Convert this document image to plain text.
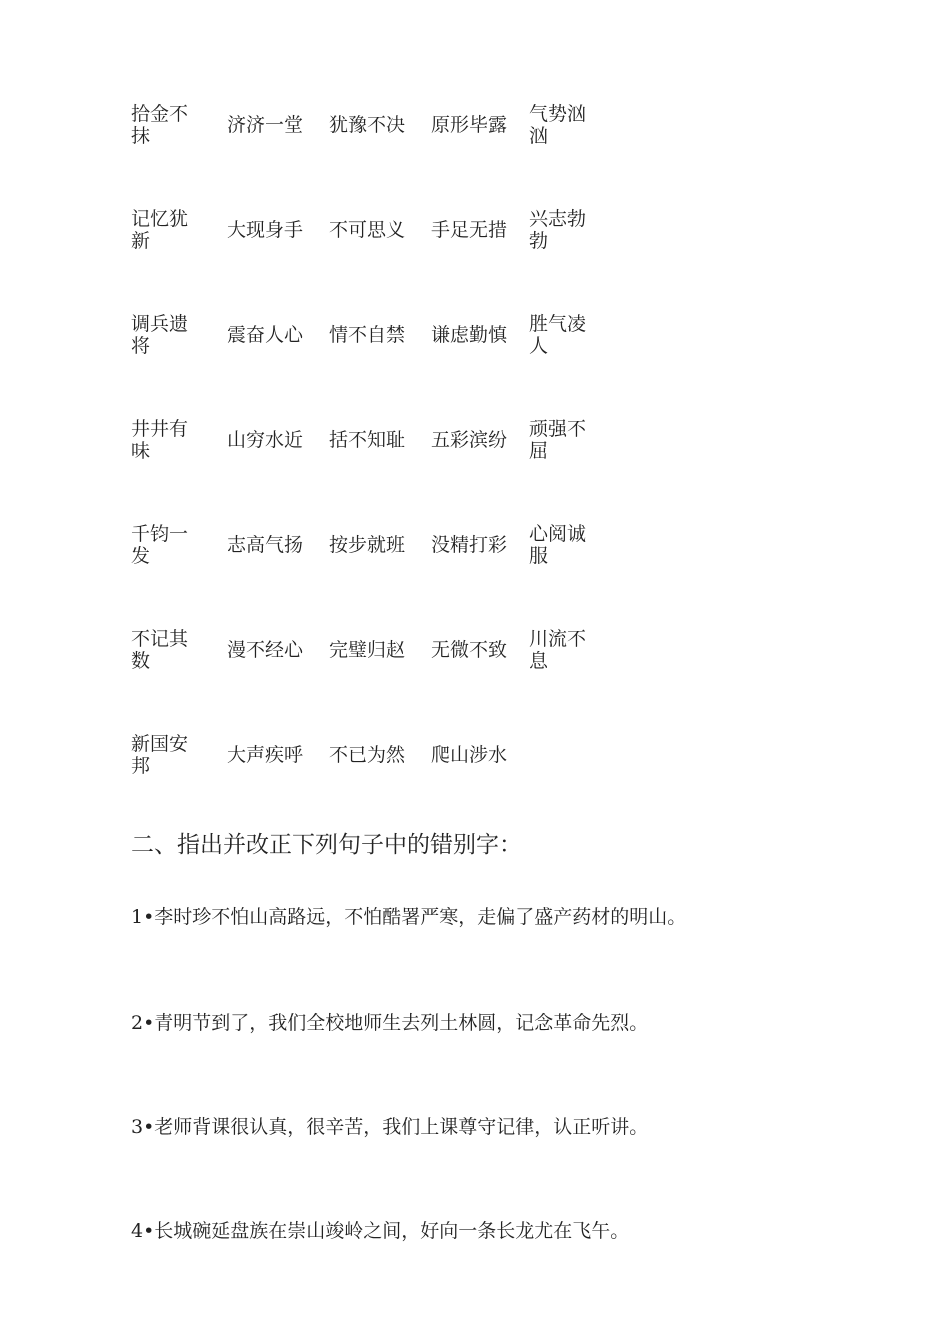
拾金不抹	济济一堂	犹豫不决	原形毕露	气势汹汹

记忆犹新	大现身手	不可思义	手足无措	兴志勃勃

调兵遗将	震奋人心	情不自禁	谦虑勤慎	胜气凌人

井井有味	山穷水近	括不知耻	五彩滨纷	顽强不屈

千钧一发	志高气扬	按步就班	没精打彩	心阅诚服

不记其数	漫不经心	完璧归赵	无微不致	川流不息

新国安邦	大声疾呼	不已为然	爬山涉水	

二、指出并改正下列句子中的错别字：
1•李时珍不怕山高路远，不怕酷署严寒，走偏了盛产药材的明山。
2•青明节到了，我们全校地师生去列土林圆，记念革命先烈。
3•老师背课很认真，很辛苦，我们上课尊守记律，认正听讲。
4•长城碗延盘族在崇山竣岭之间，好向一条长龙尤在飞午。
